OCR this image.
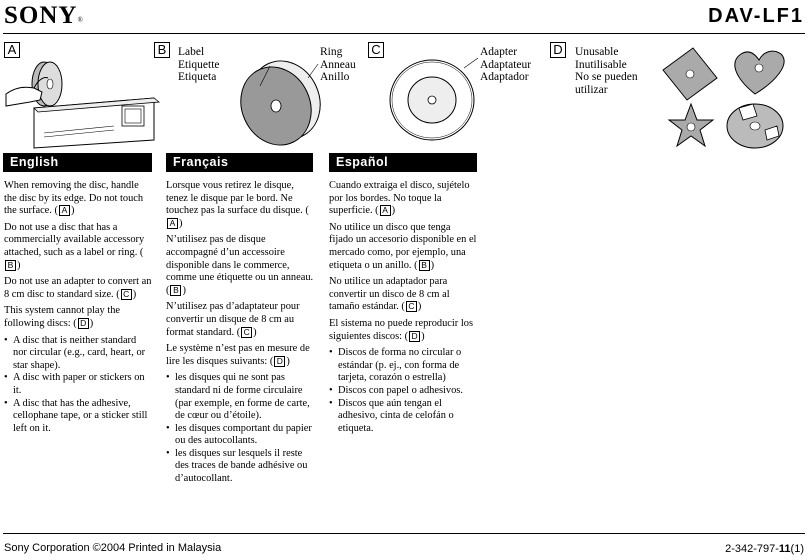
SONY®	DAV-LF1
A	B	Label
Etiquette
Etiqueta
Ring
Anneau
Anillo
C	Adapter
Adaptateur
Adaptador
D Unusable
Inutilisable
No se pueden
utilizar
English	Français	Español

When removing the disc, handle the disc by its edge. Do not touch the surface. ( A )

Do not use a disc that has a commercially available accessory attached, such as a label or ring. (B )

Do not use an adapter to convert an 8 cm disc to standard size. ( C )

This system cannot play the following discs: ( D )

• A disc that is neither standard nor circular (e.g., card, heart, or star shape).
• A disc with paper or stickers on it.
• A disc that has the adhesive, cellophane tape, or a sticker still left on it.

Lorsque vous retirez le disque, tenez le disque par le bord. Ne touchez pas la surface du disque. (A )

N’utilisez pas de disque accompagné d’un accessoire disponible dans le commerce, comme une étiquette ou un anneau. ( B )

N’utilisez pas d’adaptateur pour convertir un disque de 8 cm au format standard. ( C )

Le système n’est pas en mesure de lire les disques suivants: ( D )

• les disques qui ne sont pas standard ni de forme circulaire (par exemple, en forme de carte, de cœur ou d’étoile).
• les disques comportant du papier ou des autocollants.
• les disques sur lesquels il reste des traces de bande adhésive ou d’autocollant.

Cuando extraiga el disco, sujételo por los bordes. No toque la superficie. ( A )

No utilice un disco que tenga fijado un accesorio disponible en el mercado como, por ejemplo, una etiqueta o un anillo. ( B )

No utilice un adaptador para convertir un disco de 8 cm al tamaño estándar. ( C )

El sistema no puede reproducir los siguientes discos: ( D )

• Discos de forma no circular o estándar (p. ej., con forma de tarjeta, corazón o estrella)
• Discos con papel o adhesivos.
• Discos que aún tengan el adhesivo, cinta de celofán o etiqueta.
Sony Corporation ©2004 Printed in Malaysia	2-342-797-11(1)
